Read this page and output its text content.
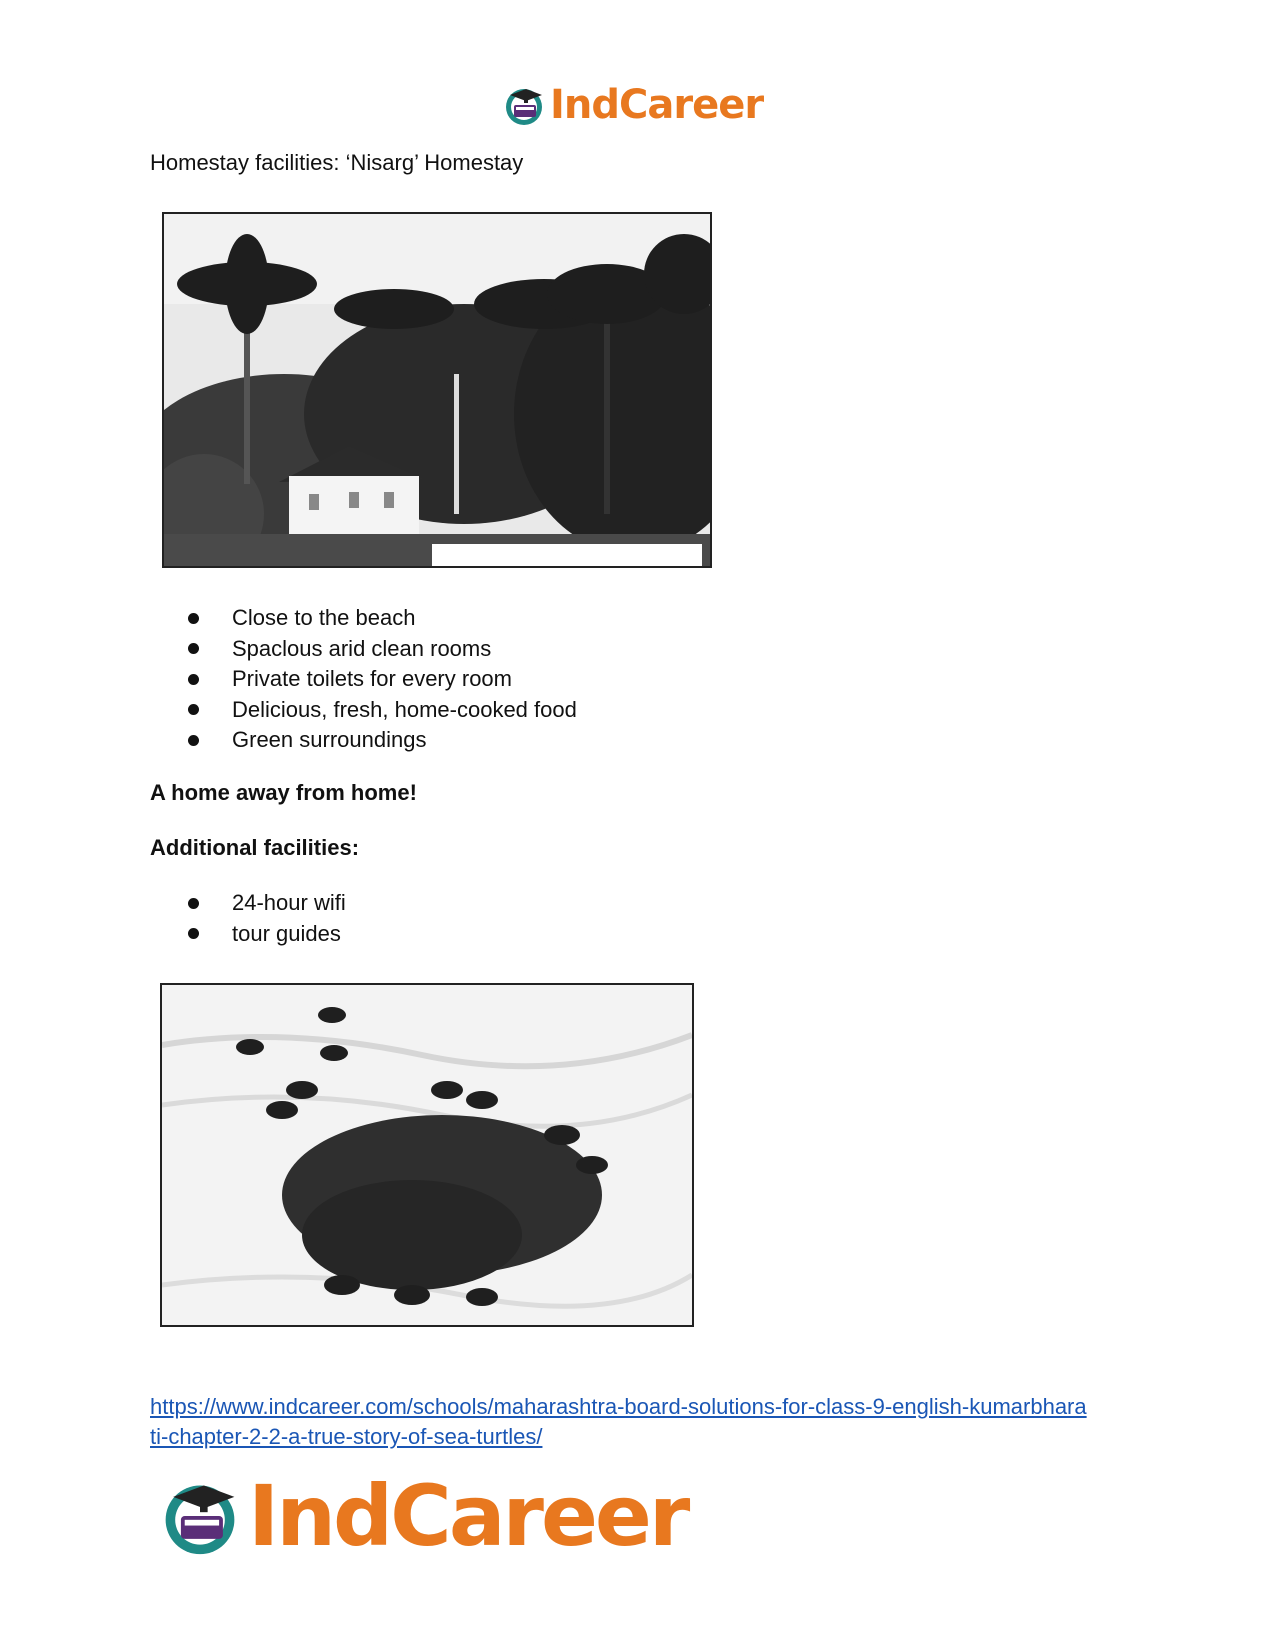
IndCareer
Homestay facilities: ‘Nisarg’ Homestay
Close to the beach
Spaclous arid clean rooms
Private toilets for every room
Delicious, fresh, home-cooked food
Green surroundings
A home away from home!
Additional facilities:
24-hour wifi
tour guides
https://www.indcareer.com/schools/maharashtra-board-solutions-for-class-9-english-kumarbhara
ti-chapter-2-2-a-true-story-of-sea-turtles/
IndCareer
